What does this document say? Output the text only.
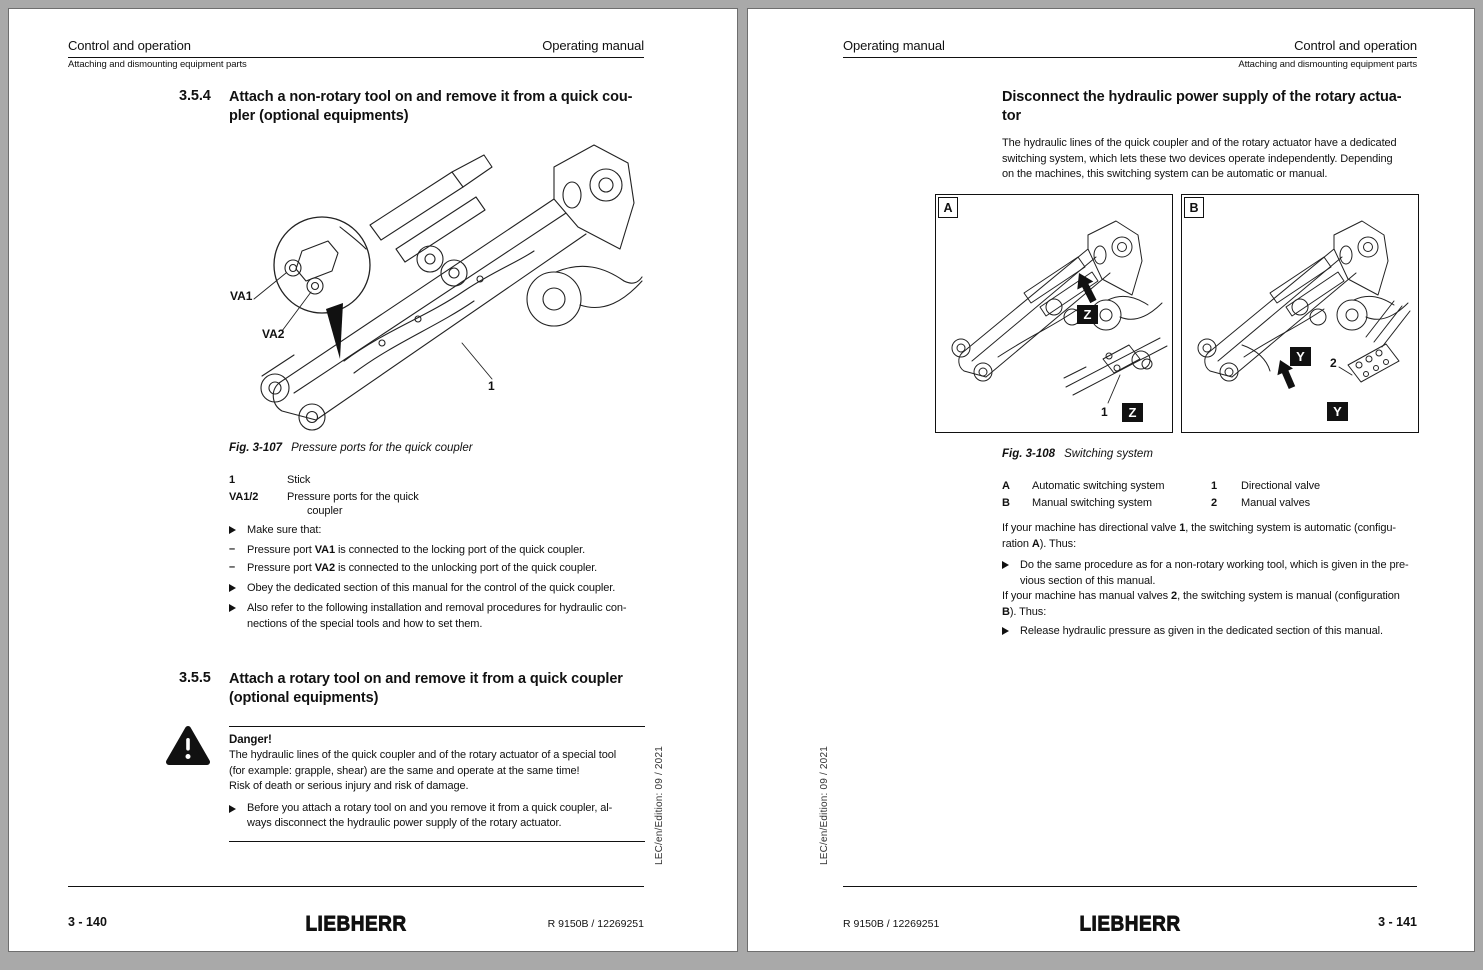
Control and operation	Operating manual
Attaching and dismounting equipment parts
3.5.4 Attach a non-rotary tool on and remove it from a quick cou-
pler (optional equipments)
VA1
VA2
1
Fig. 3-107 Pressure ports for the quick coupler
1	Stick
VA1/2	Pressure ports for the quick
coupler
Make sure that:
– Pressure port VA1 is connected to the locking port of the quick coupler.
– Pressure port VA2 is connected to the unlocking port of the quick coupler.
Obey the dedicated section of this manual for the control of the quick coupler.
Also refer to the following installation and removal procedures for hydraulic con-
nections of the special tools and how to set them.
3.5.5 Attach a rotary tool on and remove it from a quick coupler
(optional equipments)
Danger!
The hydraulic lines of the quick coupler and of the rotary actuator of a special tool
(for example: grapple, shear) are the same and operate at the same time!
Risk of death or serious injury and risk of damage.
Before you attach a rotary tool on and you remove it from a quick coupler, al-
ways disconnect the hydraulic power supply of the rotary actuator.	LEC/en/Edition: 09 / 2021
3 - 140	LIEBHERR	R 9150B / 12269251
Operating manual	Control and operation
Attaching and dismounting equipment parts
Disconnect the hydraulic power supply of the rotary actua-
tor
The hydraulic lines of the quick coupler and of the rotary actuator have a dedicated
switching system, which lets these two devices operate independently. Depending
on the machines, this switching system can be automatic or manual.
A
Z
1	Z
B
Y	2
Y
Fig. 3-108 Switching system
A Automatic switching system	1 Directional valve
B Manual switching system	2 Manual valves
If your machine has directional valve 1, the switching system is automatic (configu-
ration A). Thus:
Do the same procedure as for a non-rotary working tool, which is given in the pre-
vious section of this manual.
If your machine has manual valves 2, the switching system is manual (configuration
B). Thus:
Release hydraulic pressure as given in the dedicated section of this manual.
LEC/en/Edition: 09 / 2021
R 9150B / 12269251	LIEBHERR	3 - 141
